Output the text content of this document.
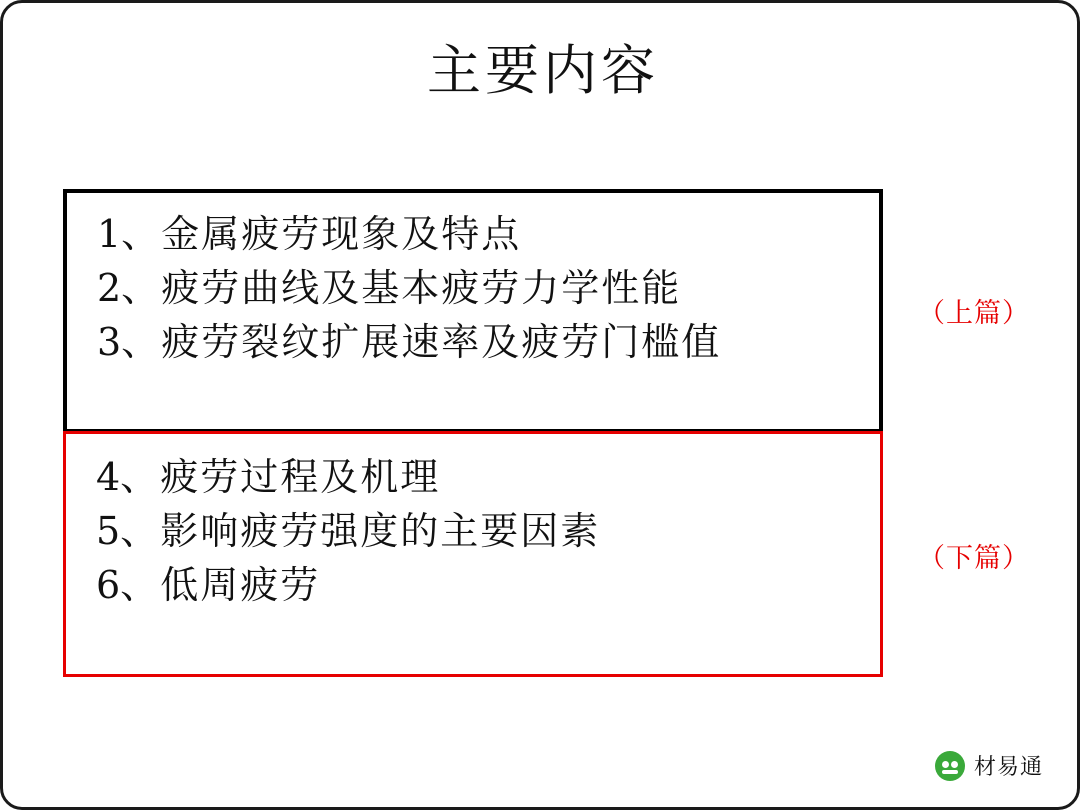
主要内容
1、 金属疲劳现象及特点
2、 疲劳曲线及基本疲劳力学性能
3、 疲劳裂纹扩展速率及疲劳门槛值
4、 疲劳过程及机理
5、 影响疲劳强度的主要因素
6、 低周疲劳
（上篇）
（下篇）
材易通
